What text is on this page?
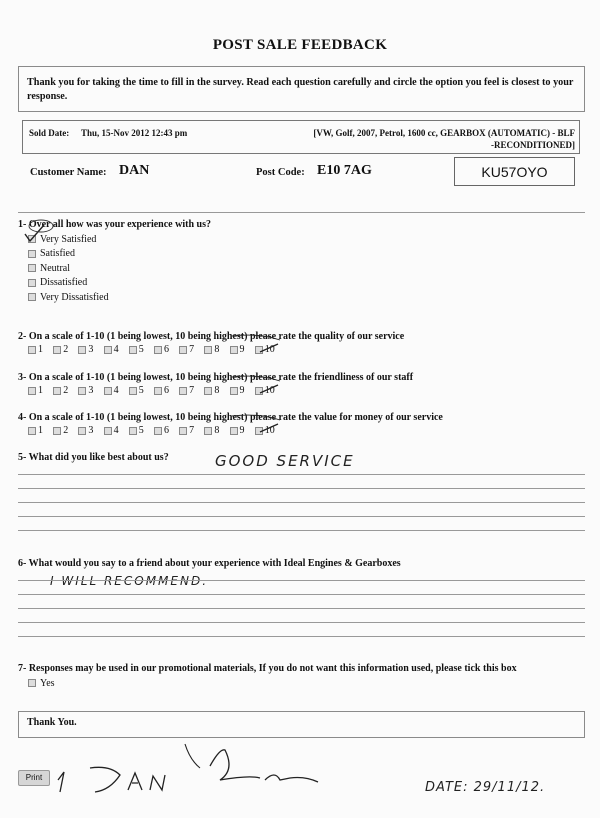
POST SALE FEEDBACK
Thank you for taking the time to fill in the survey. Read each question carefully and circle the option you feel is closest to your response.
Sold Date: Thu, 15-Nov 2012 12:43 pm	[VW, Golf, 2007, Petrol, 1600 cc, GEARBOX (AUTOMATIC) - BLF
-RECONDITIONED]
Customer Name: DAN	Post Code: E10 7AG	KU57OYO
1- Over all how was your experience with us?
Very Satisfied
Satisfied
Neutral
Dissatisfied
Very Dissatisfied
2- On a scale of 1-10 (1 being lowest, 10 being highest) please rate the quality of our service
1 2 3 4 5 6 7 8 9 10
3- On a scale of 1-10 (1 being lowest, 10 being highest) please rate the friendliness of our staff
1 2 3 4 5 6 7 8 9 10
4- On a scale of 1-10 (1 being lowest, 10 being highest) please rate the value for money of our service
1 2 3 4 5 6 7 8 9 10
5- What did you like best about us?	GOOD SERVICE
6- What would you say to a friend about your experience with Ideal Engines & Gearboxes
I WILL RECOMMEND.
7- Responses may be used in our promotional materials, If you do not want this information used, please tick this box
Yes
Thank You.
Print
DATE: 29/11/12.
